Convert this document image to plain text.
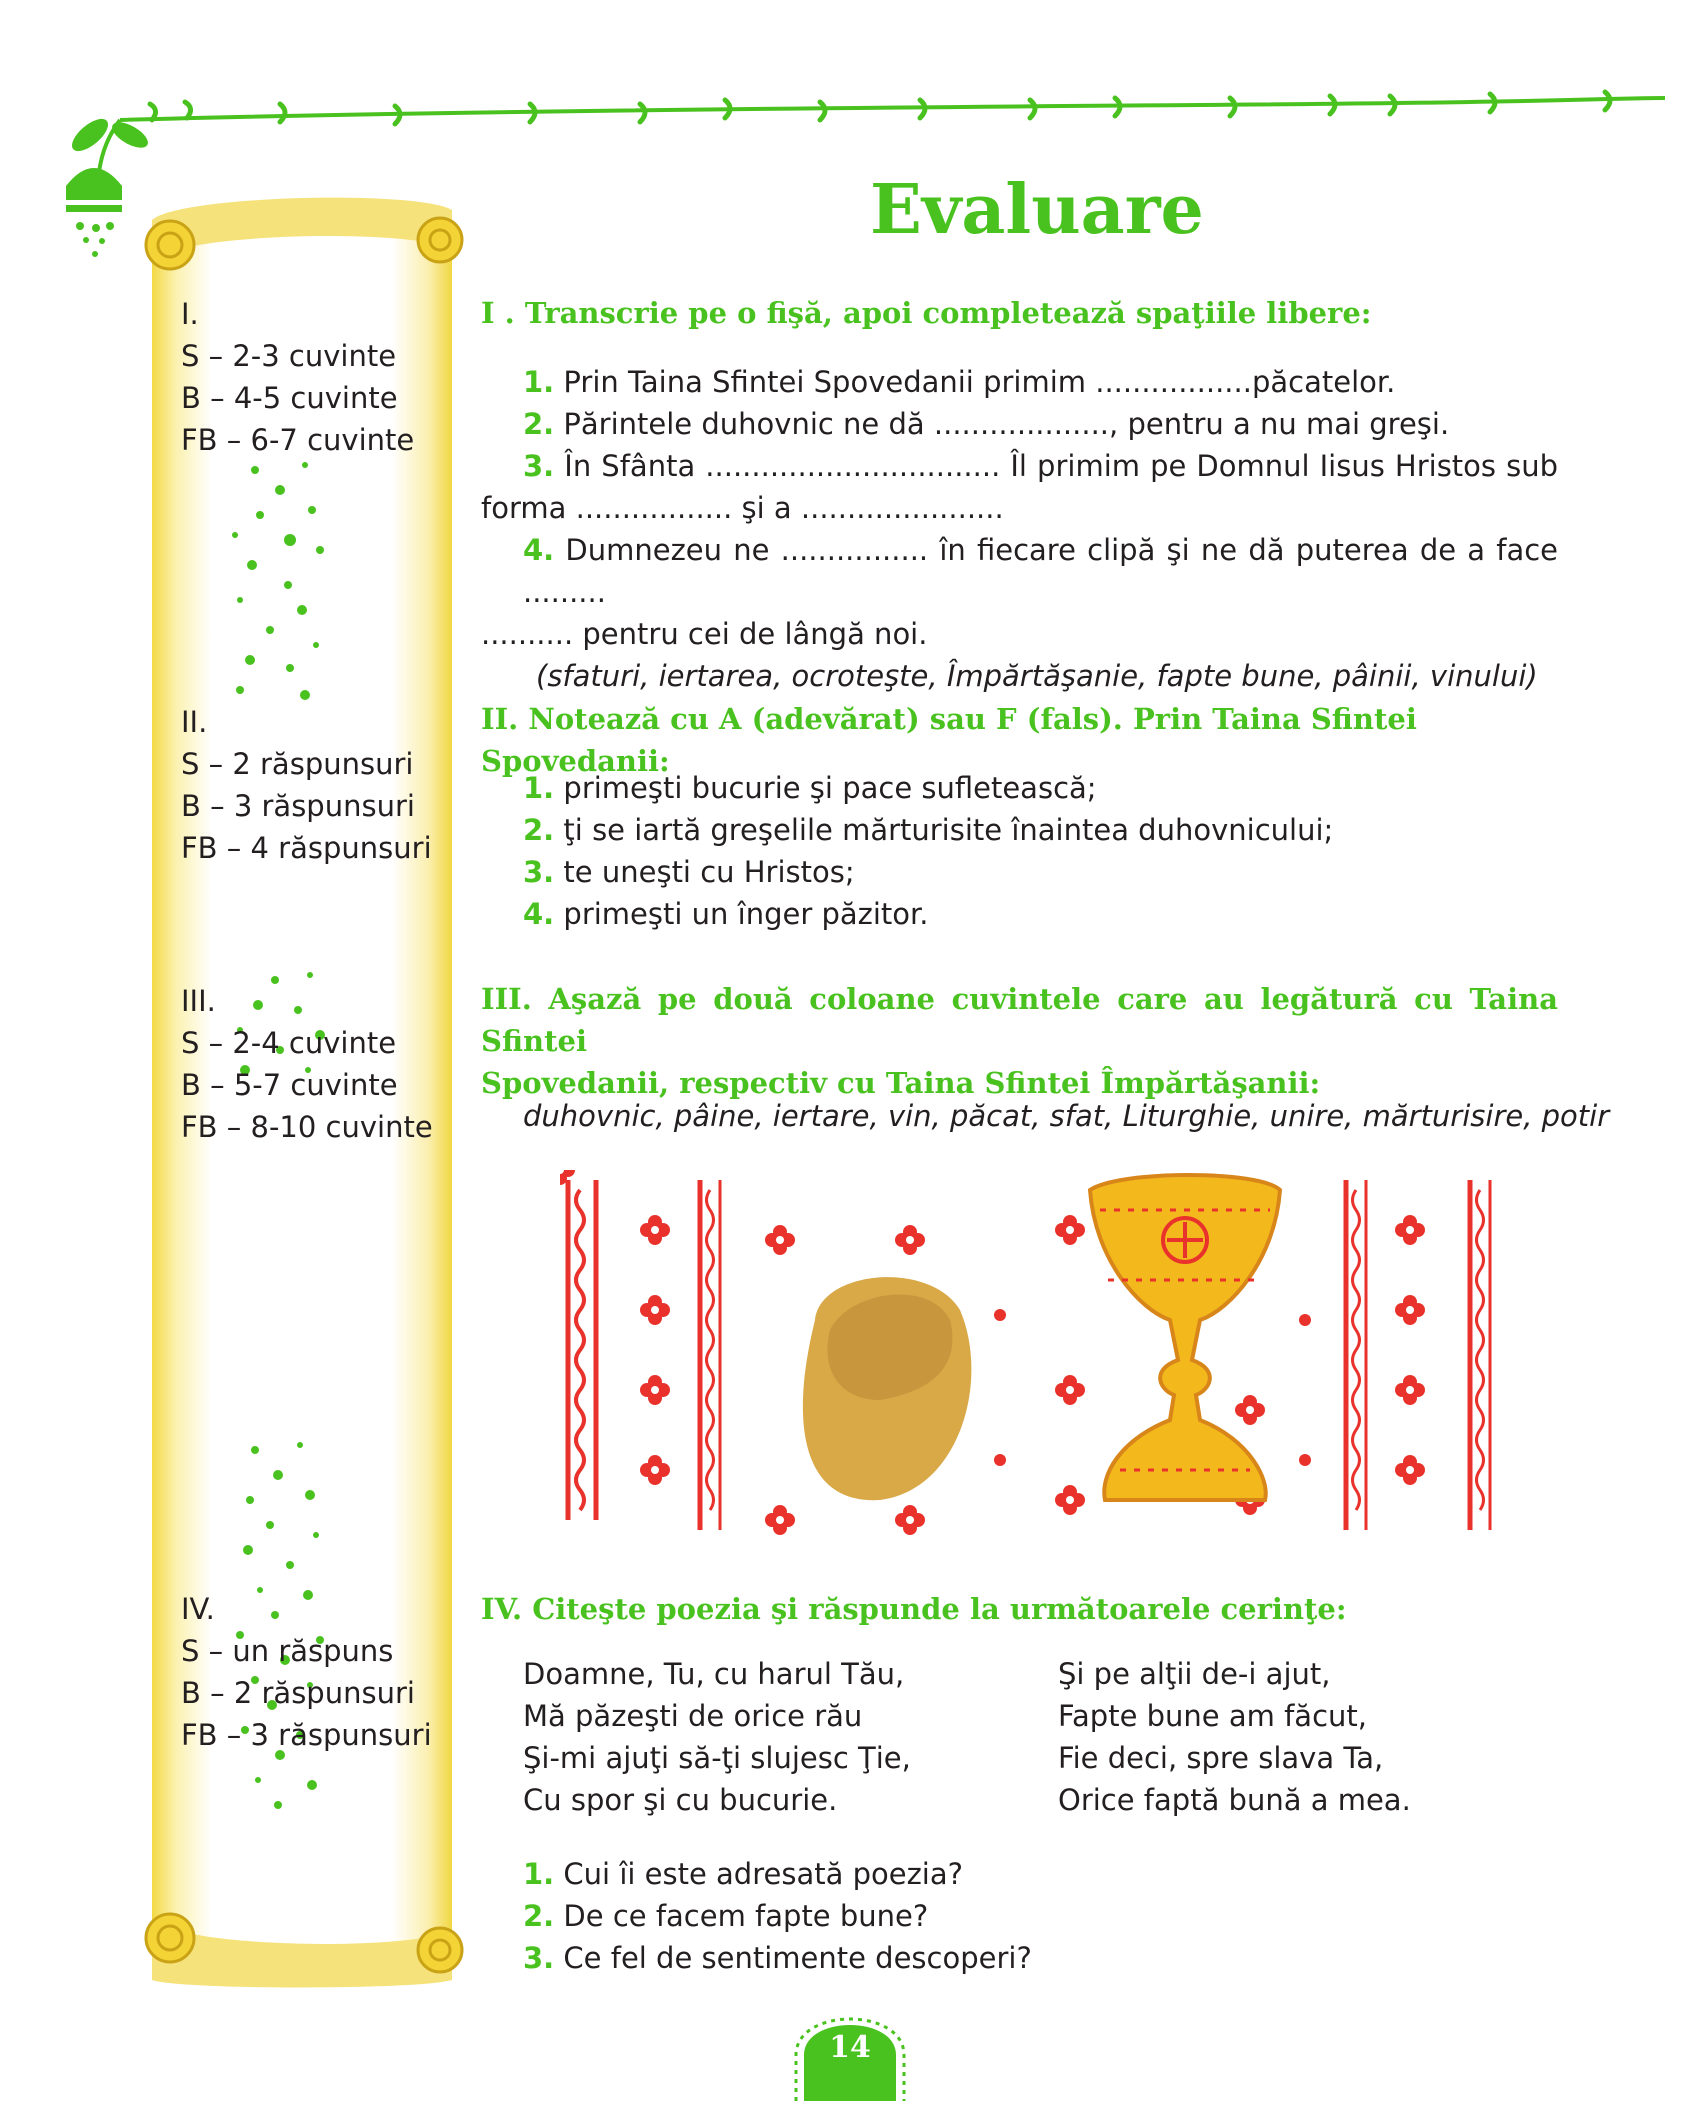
I.
S – 2-3 cuvinte
B – 4-5 cuvinte
FB – 6-7 cuvinte
II.
S – 2 răspunsuri
B – 3 răspunsuri
FB – 4 răspunsuri
III.
S – 2-4 cuvinte
B – 5-7 cuvinte
FB – 8-10 cuvinte
IV.
S – un răspuns
B – 2 răspunsuri
FB – 3 răspunsuri
Evaluare
I . Transcrie pe o fişă, apoi completează spaţiile libere:
1. Prin Taina Sfintei Spovedanii primim .................păcatelor.
2. Părintele duhovnic ne dă ..................., pentru a nu mai greşi.
3. În Sfânta ................................ Îl primim pe Domnul Iisus Hristos sub
forma ................. şi a ......................
4. Dumnezeu ne ................ în fiecare clipă şi ne dă puterea de a face .........
.......... pentru cei de lângă noi.
(sfaturi, iertarea, ocroteşte, Împărtăşanie, fapte bune, pâinii, vinului)
II. Notează cu A (adevărat) sau F (fals). Prin Taina Sfintei Spovedanii:
1. primeşti bucurie şi pace sufletească;
2. ţi se iartă greşelile mărturisite înaintea duhovnicului;
3. te uneşti cu Hristos;
4. primeşti un înger păzitor.
III. Aşază pe două coloane cuvintele care au legătură cu Taina Sfintei
Spovedanii, respectiv cu Taina Sfintei Împărtăşanii:
duhovnic, pâine, iertare, vin, păcat, sfat, Liturghie, unire, mărturisire, potir
IV. Citeşte poezia şi răspunde la următoarele cerinţe:
Doamne, Tu, cu harul Tău,
Mă păzeşti de orice rău
Şi-mi ajuţi să-ţi slujesc Ţie,
Cu spor şi cu bucurie.
Şi pe alţii de-i ajut,
Fapte bune am făcut,
Fie deci, spre slava Ta,
Orice faptă bună a mea.
1. Cui îi este adresată poezia?
2. De ce facem fapte bune?
3. Ce fel de sentimente descoperi?
14
